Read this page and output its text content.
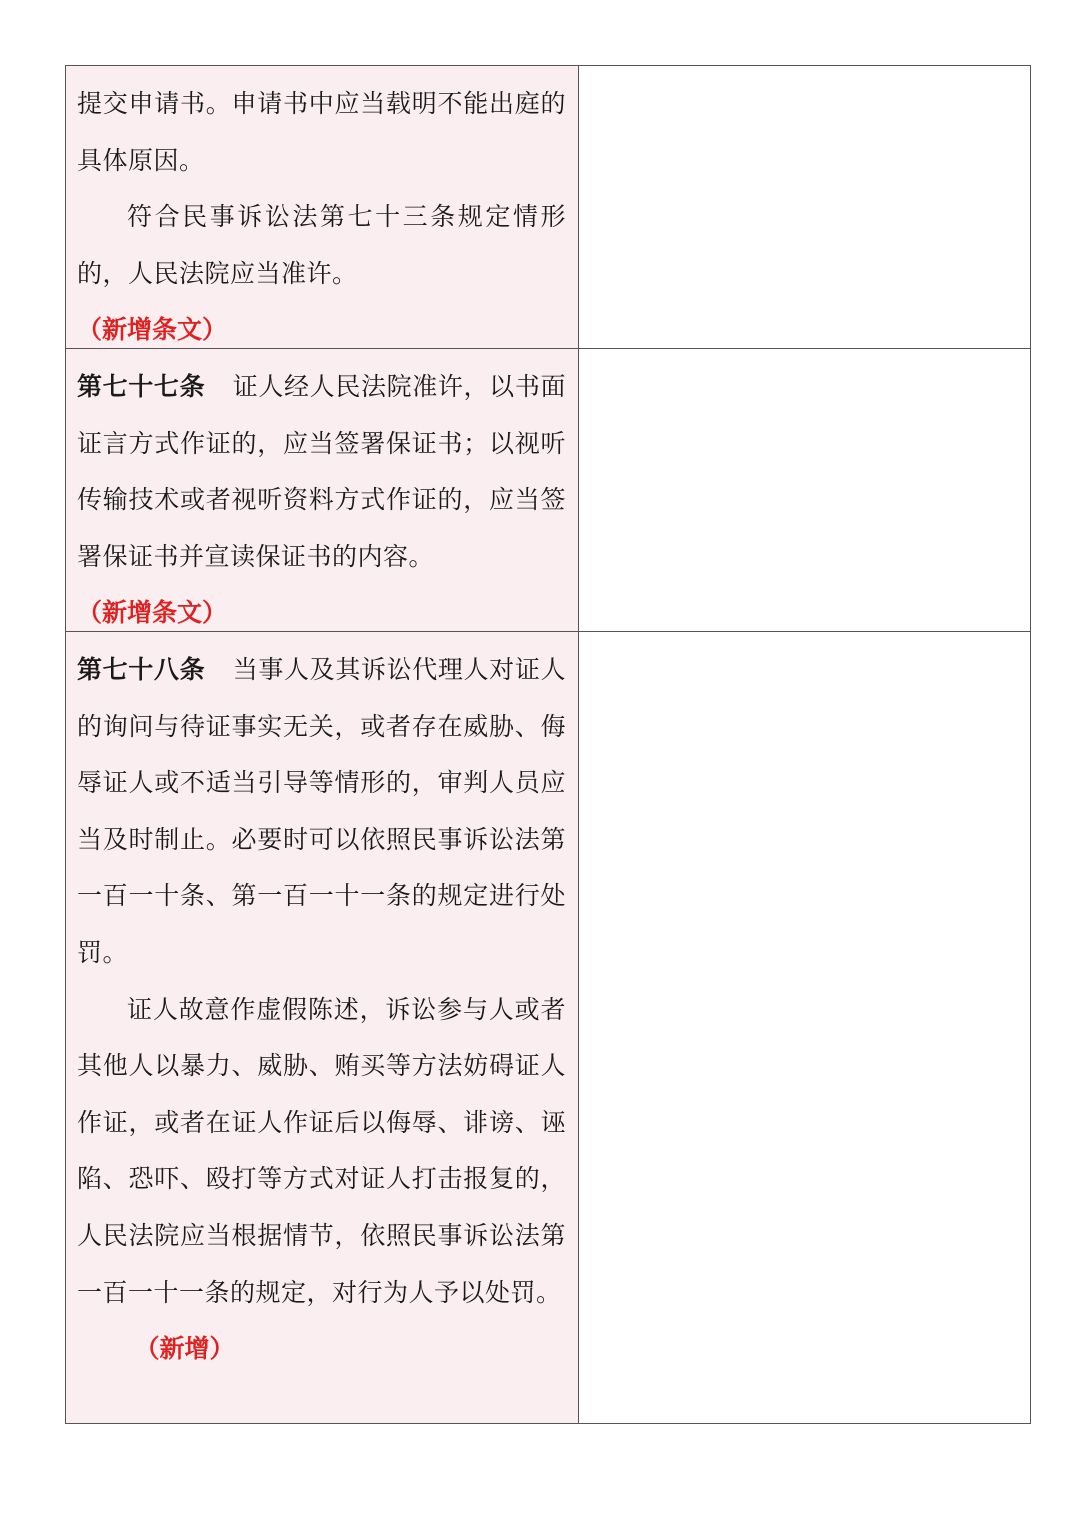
提交申请书。申请书中应当载明不能出庭的具体原因。

符合民事诉讼法第七十三条规定情形的，人民法院应当准许。

（新增条文）

第七十七条 证人经人民法院准许，以书面证言方式作证的，应当签署保证书；以视听传输技术或者视听资料方式作证的，应当签署保证书并宣读保证书的内容。

（新增条文）

第七十八条 当事人及其诉讼代理人对证人的询问与待证事实无关，或者存在威胁、侮辱证人或不适当引导等情形的，审判人员应当及时制止。必要时可以依照民事诉讼法第一百一十条、第一百一十一条的规定进行处罚。

证人故意作虚假陈述，诉讼参与人或者其他人以暴力、威胁、贿买等方法妨碍证人作证，或者在证人作证后以侮辱、诽谤、诬陷、恐吓、殴打等方式对证人打击报复的，人民法院应当根据情节，依照民事诉讼法第一百一十一条的规定，对行为人予以处罚。

（新增）
